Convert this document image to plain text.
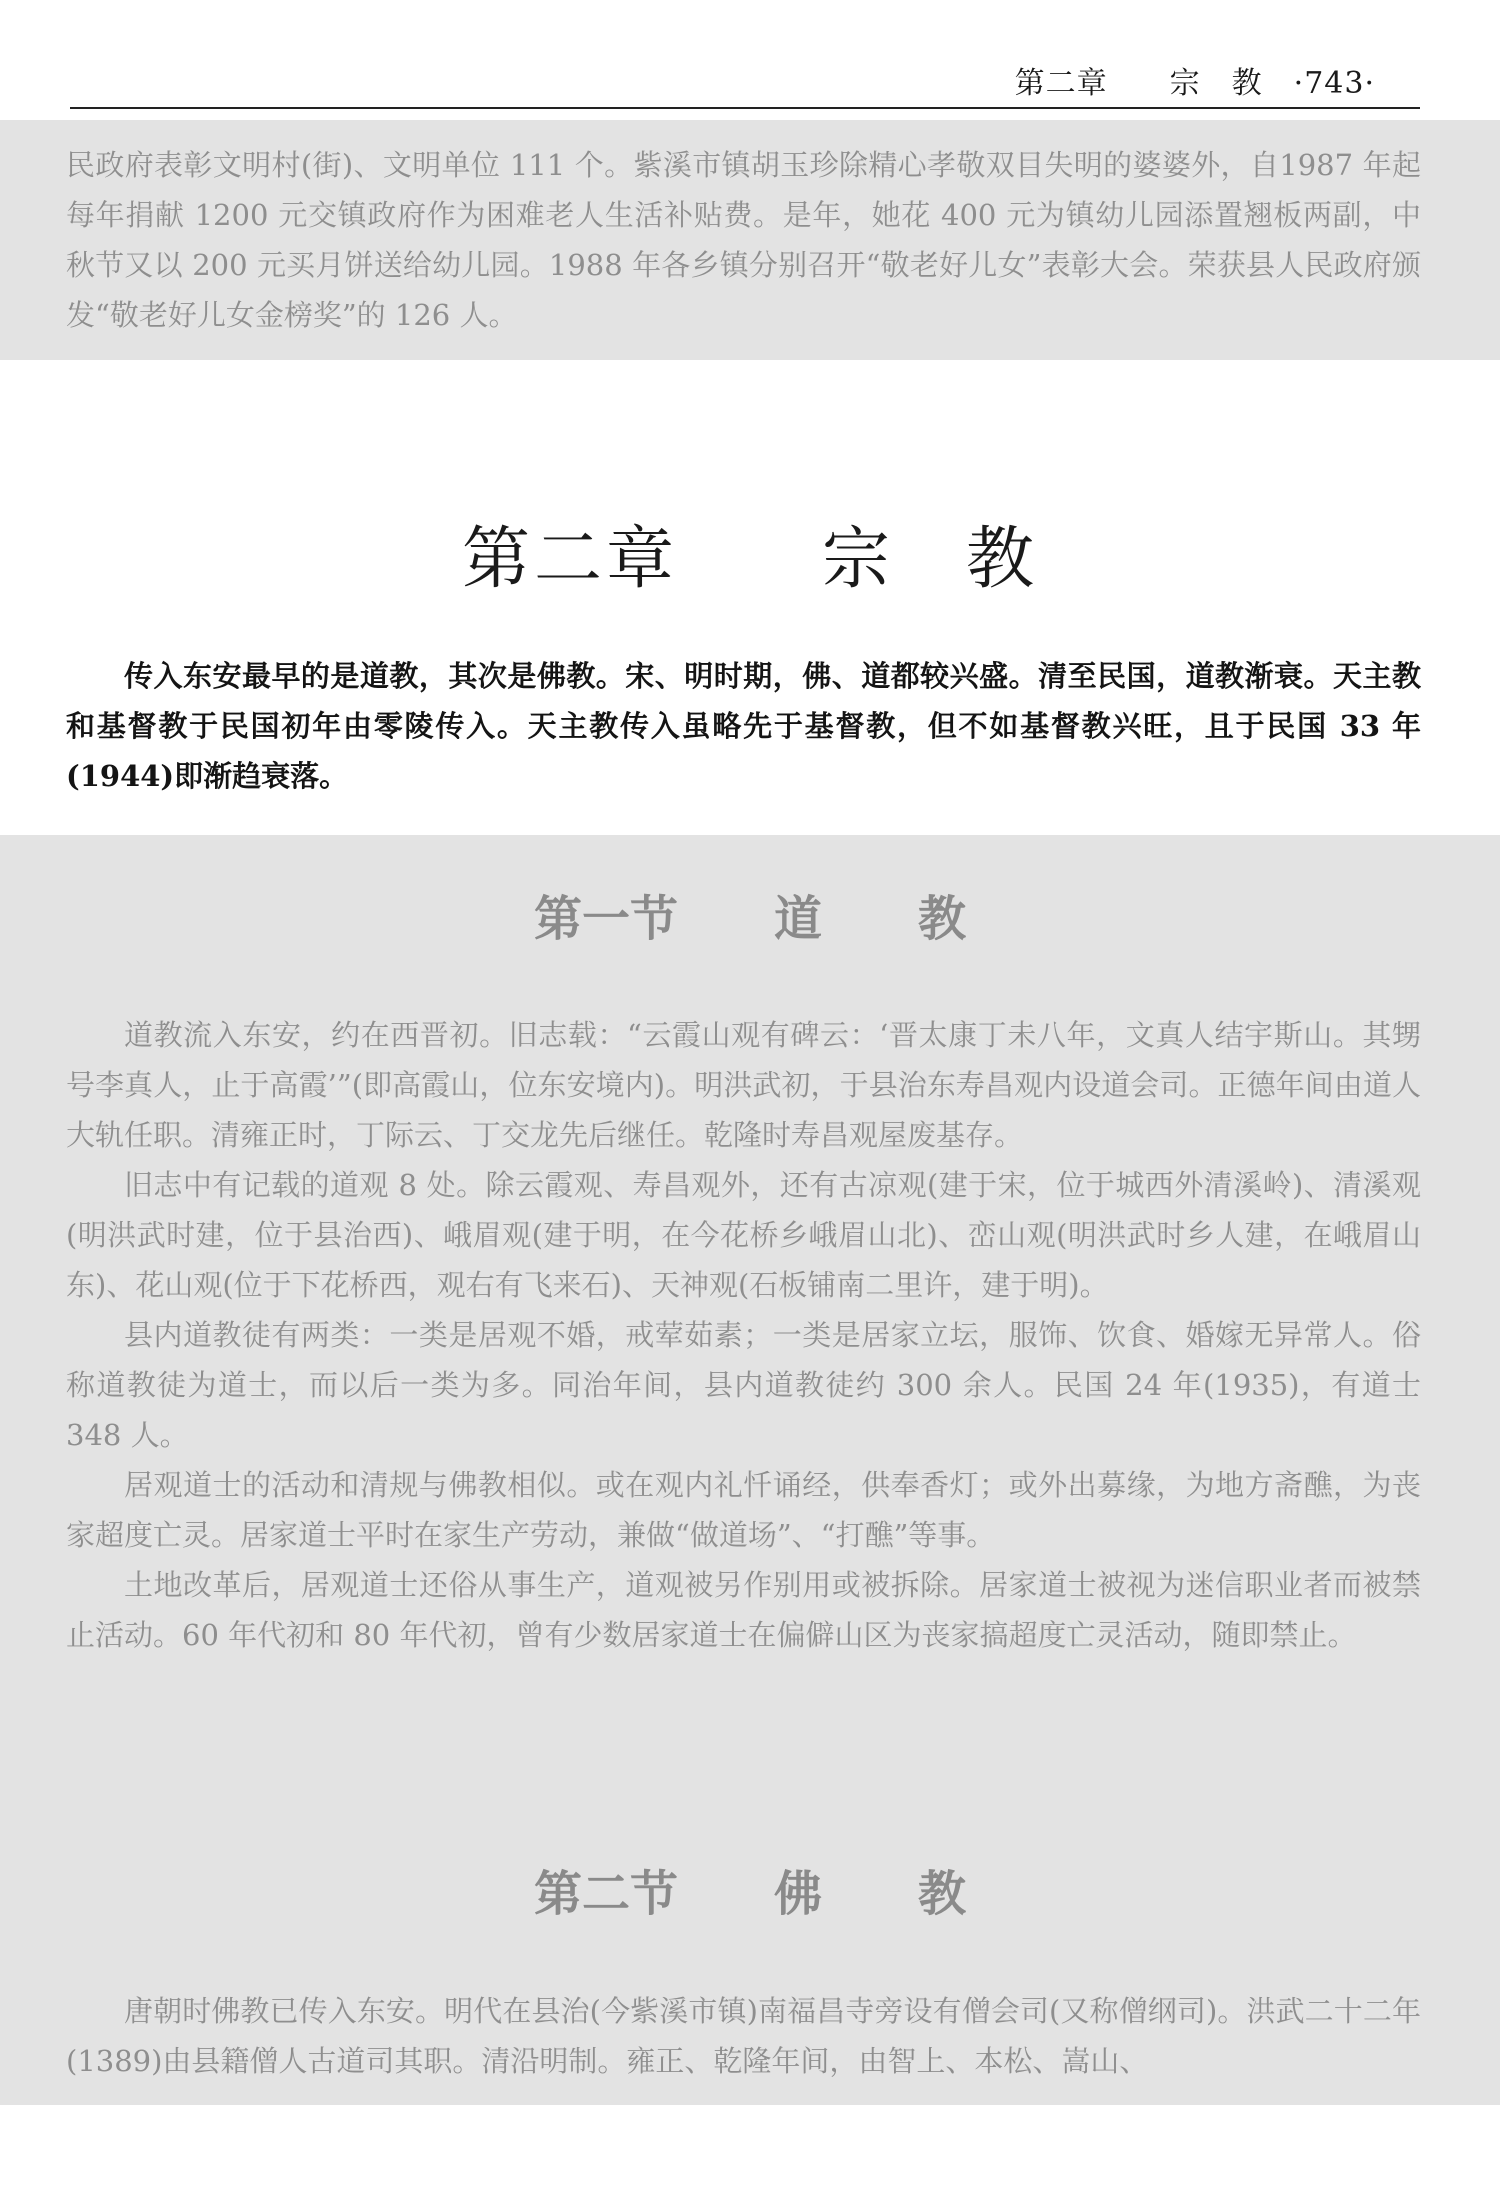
第二章　　宗　教　·743·

民政府表彰文明村(街)、文明单位 111 个。紫溪市镇胡玉珍除精心孝敬双目失明的婆婆外，自1987 年起每年捐献 1200 元交镇政府作为困难老人生活补贴费。是年，她花 400 元为镇幼儿园添置翘板两副，中秋节又以 200 元买月饼送给幼儿园。1988 年各乡镇分别召开“敬老好儿女”表彰大会。荣获县人民政府颁发“敬老好儿女金榜奖”的 126 人。

第二章　　宗　教

传入东安最早的是道教，其次是佛教。宋、明时期，佛、道都较兴盛。清至民国，道教渐衰。天主教和基督教于民国初年由零陵传入。天主教传入虽略先于基督教，但不如基督教兴旺，且于民国 33 年(1944)即渐趋衰落。

第一节　　道　　教

道教流入东安，约在西晋初。旧志载：“云霞山观有碑云：‘晋太康丁未八年，文真人结宇斯山。其甥号李真人，止于高霞’”(即高霞山，位东安境内)。明洪武初，于县治东寿昌观内设道会司。正德年间由道人大轨任职。清雍正时，丁际云、丁交龙先后继任。乾隆时寿昌观屋废基存。

旧志中有记载的道观 8 处。除云霞观、寿昌观外，还有古凉观(建于宋，位于城西外清溪岭)、清溪观(明洪武时建，位于县治西)、峨眉观(建于明，在今花桥乡峨眉山北)、峦山观(明洪武时乡人建，在峨眉山东)、花山观(位于下花桥西，观右有飞来石)、天神观(石板铺南二里许，建于明)。

县内道教徒有两类：一类是居观不婚，戒荤茹素；一类是居家立坛，服饰、饮食、婚嫁无异常人。俗称道教徒为道士，而以后一类为多。同治年间，县内道教徒约 300 余人。民国 24 年(1935)，有道士 348 人。

居观道士的活动和清规与佛教相似。或在观内礼忏诵经，供奉香灯；或外出募缘，为地方斋醮，为丧家超度亡灵。居家道士平时在家生产劳动，兼做“做道场”、“打醮”等事。

土地改革后，居观道士还俗从事生产，道观被另作别用或被拆除。居家道士被视为迷信职业者而被禁止活动。60 年代初和 80 年代初，曾有少数居家道士在偏僻山区为丧家搞超度亡灵活动，随即禁止。

第二节　　佛　　教

唐朝时佛教已传入东安。明代在县治(今紫溪市镇)南福昌寺旁设有僧会司(又称僧纲司)。洪武二十二年(1389)由县籍僧人古道司其职。清沿明制。雍正、乾隆年间，由智上、本松、嵩山、
